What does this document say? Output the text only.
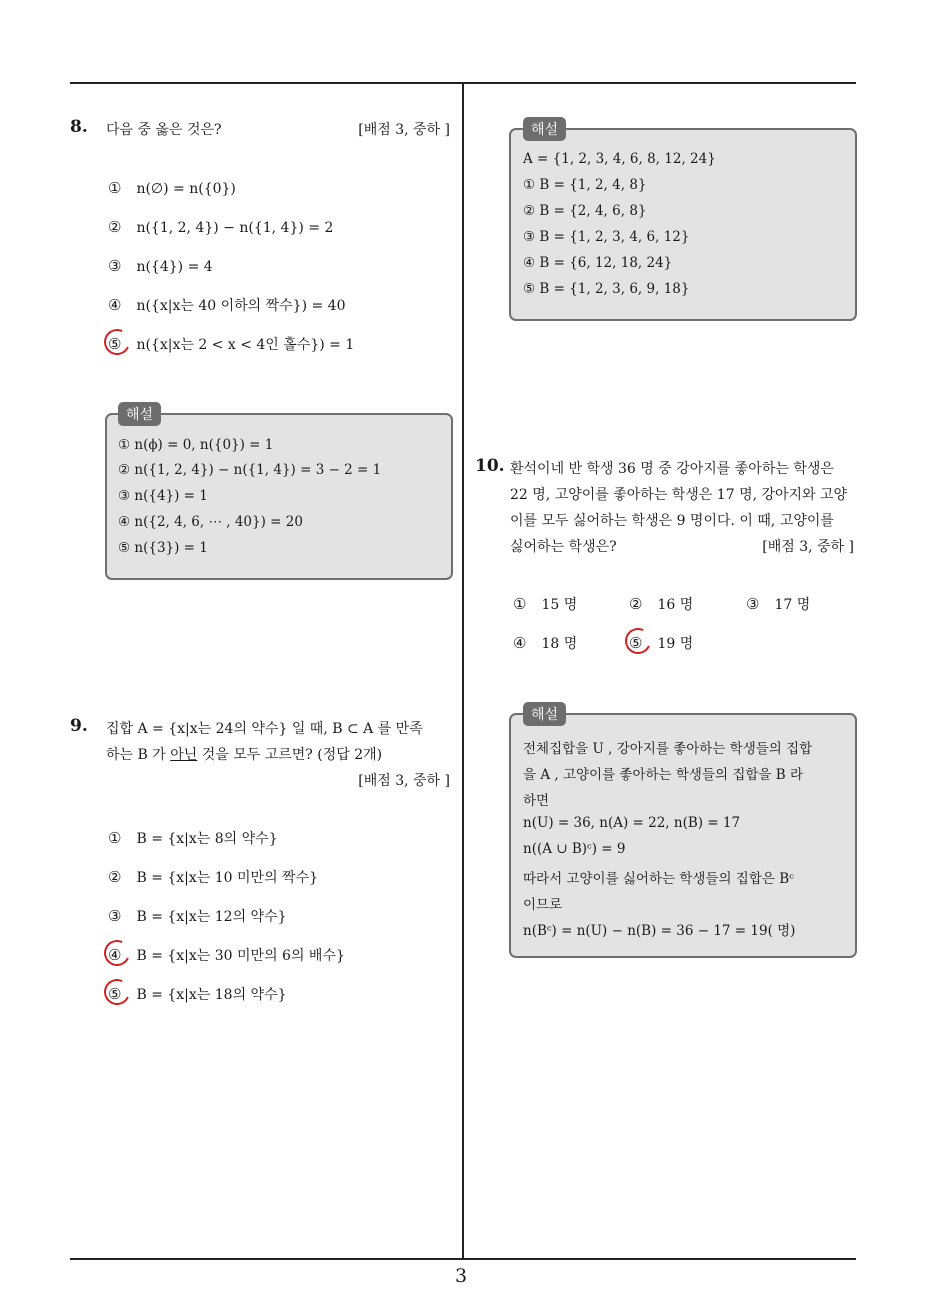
3
8. 다음 중 옳은 것은?	[배점 3, 중하 ]
① n(∅) = n({0})
② n({1, 2, 4}) − n({1, 4}) = 2
③ n({4}) = 4
④ n({x|x는 40 이하의 짝수}) = 40
⑤ n({x|x는 2 < x < 4인 홀수}) = 1
해설
① n(ϕ) = 0, n({0}) = 1
② n({1, 2, 4}) − n({1, 4}) = 3 − 2 = 1
③ n({4}) = 1
④ n({2, 4, 6, ⋯ , 40}) = 20
⑤ n({3}) = 1
9. 집합 A = {x|x는 24의 약수} 일 때, B ⊂ A 를 만족
하는 B 가 아닌 것을 모두 고르면? (정답 2개)
[배점 3, 중하 ]
① B = {x|x는 8의 약수}
② B = {x|x는 10 미만의 짝수}
③ B = {x|x는 12의 약수}
④ B = {x|x는 30 미만의 6의 배수}
⑤ B = {x|x는 18의 약수}
해설
A = {1, 2, 3, 4, 6, 8, 12, 24}
① B = {1, 2, 4, 8}
② B = {2, 4, 6, 8}
③ B = {1, 2, 3, 4, 6, 12}
④ B = {6, 12, 18, 24}
⑤ B = {1, 2, 3, 6, 9, 18}
10. 환석이네 반 학생 36 명 중 강아지를 좋아하는 학생은
22 명, 고양이를 좋아하는 학생은 17 명, 강아지와 고양
이를 모두 싫어하는 학생은 9 명이다. 이 때, 고양이를
싫어하는 학생은?	[배점 3, 중하 ]
① 15 명	② 16 명	③ 17 명
④ 18 명	⑤ 19 명
해설
전체집합을 U , 강아지를 좋아하는 학생들의 집합
을 A , 고양이를 좋아하는 학생들의 집합을 B 라
하면
n(U) = 36, n(A) = 22, n(B) = 17
n((A ∪ B)ᶜ) = 9
따라서 고양이를 싫어하는 학생들의 집합은 Bᶜ
이므로
n(Bᶜ) = n(U) − n(B) = 36 − 17 = 19( 명)
